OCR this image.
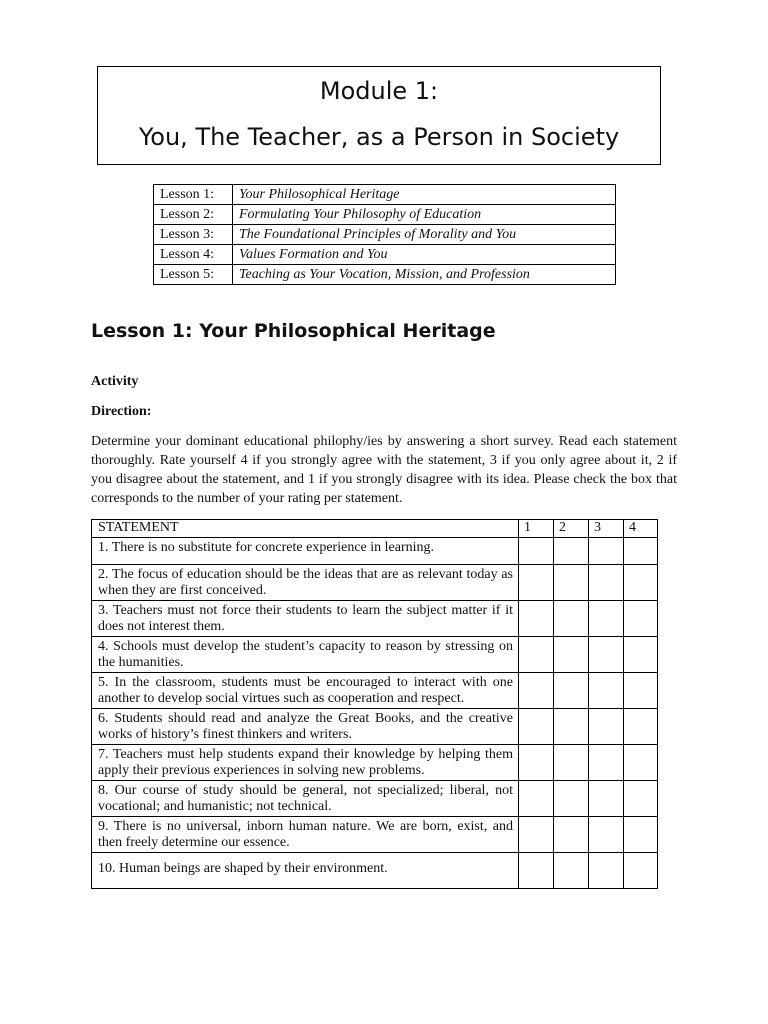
Module 1:
You, The Teacher, as a Person in Society
Lesson 1:	Your Philosophical Heritage
Lesson 2:	Formulating Your Philosophy of Education
Lesson 3:	The Foundational Principles of Morality and You
Lesson 4:	Values Formation and You
Lesson 5:	Teaching as Your Vocation, Mission, and Profession
Lesson 1: Your Philosophical Heritage
Activity
Direction:

Determine your dominant educational philophy/ies by answering a short survey. Read each statement thoroughly. Rate yourself 4 if you strongly agree with the statement, 3 if you only agree about it, 2 if you disagree about the statement, and 1 if you strongly disagree with its idea. Please check the box that corresponds to the number of your rating per statement.

STATEMENT	1	2	3	4
1. There is no substitute for concrete experience in learning.				
2. The focus of education should be the ideas that are as relevant today as when they are first conceived.				
3. Teachers must not force their students to learn the subject matter if it does not interest them.				
4. Schools must develop the student’s capacity to reason by stressing on the humanities.				
5. In the classroom, students must be encouraged to interact with one another to develop social virtues such as cooperation and respect.				
6. Students should read and analyze the Great Books, and the creative works of history’s finest thinkers and writers.				
7. Teachers must help students expand their knowledge by helping them apply their previous experiences in solving new problems.				
8. Our course of study should be general, not specialized; liberal, not vocational; and humanistic; not technical.				
9. There is no universal, inborn human nature. We are born, exist, and then freely determine our essence.				
10. Human beings are shaped by their environment.				
